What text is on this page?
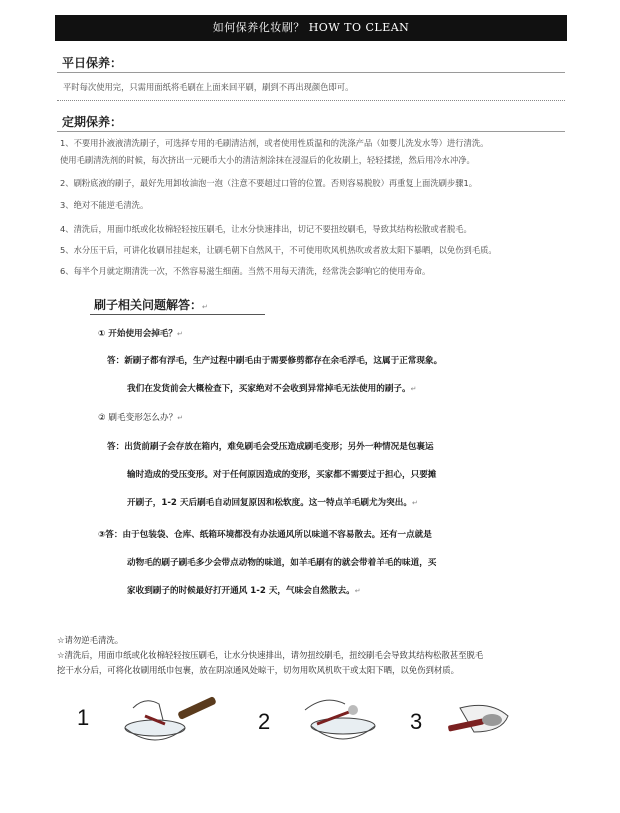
如何保养化妆刷？ HOW TO CLEAN
平日保养：
平时每次使用完，只需用面纸将毛刷在上面来回平刷，刷到不再出现颜色即可。
定期保养：
1、不要用扑液液清洗刷子，可选择专用的毛刷清洁剂，或者使用性质温和的洗涤产品（如婴儿洗发水等）进行清洗。
使用毛刷清洗剂的时候，每次挤出一元硬币大小的清洁剂涂抹在浸湿后的化妆刷上，轻轻揉搓，然后用冷水冲净。
2、刷粉底液的刷子，最好先用卸妆油泡一泡（注意不要超过口管的位置。否则容易脱胶）再重复上面洗刷步骤1。
3、绝对不能逆毛清洗。
4、清洗后，用面巾纸或化妆棉轻轻按压刷毛，让水分快速排出，切记不要扭绞刷毛，导致其结构松散或者脱毛。
5、水分压干后，可讲化妆刷吊挂起来，让刷毛朝下自然风干，不可使用吹风机热吹或者放太阳下暴晒，以免伤到毛质。
6、每半个月就定期清洗一次，不然容易滋生细菌。当然不用每天清洗，经常洗会影响它的使用寿命。
刷子相关问题解答：↵
① 开始使用会掉毛？↵
答：新刷子都有浮毛，生产过程中刷毛由于需要修剪都存在余毛浮毛，这属于正常现象。
我们在发货前会大概检查下，买家绝对不会收到异常掉毛无法使用的刷子。↵
② 刷毛变形怎么办？↵
答：出货前刷子会存放在箱内，难免刷毛会受压造成刷毛变形；另外一种情况是包裹运
输时造成的受压变形。对于任何原因造成的变形，买家都不需要过于担心，只要摊
开刷子，1-2 天后刷毛自动回复原因和松软度。这一特点羊毛刷尤为突出。↵
③答：由于包装袋、仓库、纸箱环境都没有办法通风所以味道不容易散去。还有一点就是
动物毛的刷子刷毛多少会带点动物的味道，如羊毛刷有的就会带着羊毛的味道，买
家收到刷子的时候最好打开通风 1-2 天，气味会自然散去。↵
☆请勿逆毛清洗。
☆清洗后，用面巾纸或化妆棉轻轻按压刷毛，让水分快速排出，请勿扭绞刷毛，扭绞刷毛会导致其结构松散甚至脱毛
挖干水分后，可将化妆刷用纸巾包裹，放在阴凉通风处晾干，切勿用吹风机吹干或太阳下晒，以免伤到材质。
1	2	3
